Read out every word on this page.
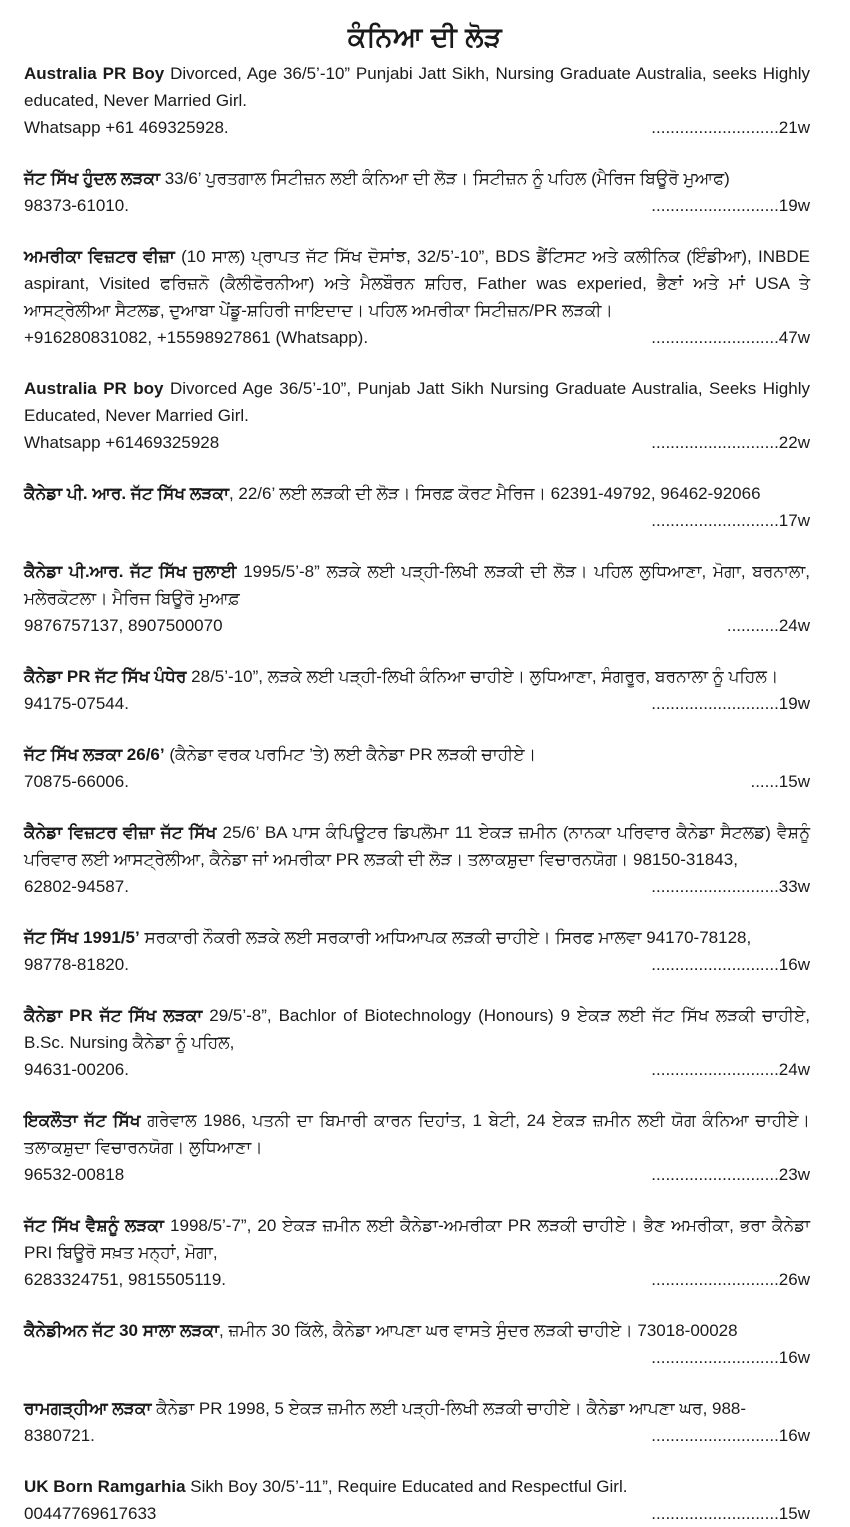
ਕੰਨਿਆ ਦੀ ਲੋੜ
Australia PR Boy Divorced, Age 36/5’-10” Punjabi Jatt Sikh, Nursing Graduate Australia, seeks Highly educated, Never Married Girl.
Whatsapp +61 469325928.	...........................21w
ਜੱਟ ਸਿੱਖ ਹੁੰਦਲ ਲੜਕਾ 33/6’ ਪੁਰਤਗਾਲ ਸਿਟੀਜ਼ਨ ਲਈ ਕੰਨਿਆ ਦੀ ਲੋੜ। ਸਿਟੀਜ਼ਨ ਨੂੰ ਪਹਿਲ (ਮੈਰਿਜ ਬਿਊਰੋ ਮੁਆਫ)
98373-61010.	...........................19w
ਅਮਰੀਕਾ ਵਿਜ਼ਟਰ ਵੀਜ਼ਾ (10 ਸਾਲ) ਪ੍ਰਾਪਤ ਜੱਟ ਸਿੱਖ ਦੋਸਾਂਝ, 32/5’-10”, BDS ਡੈਂਟਿਸਟ ਅਤੇ ਕਲੀਨਿਕ (ਇੰਡੀਆ), INBDE aspirant, Visited ਫਰਿਜ਼ਨੋ (ਕੈਲੀਫੋਰਨੀਆ) ਅਤੇ ਮੈਲਬੌਰਨ ਸ਼ਹਿਰ, Father was experied, ਭੈਣਾਂ ਅਤੇ ਮਾਂ USA ਤੇ ਆਸਟ੍ਰੇਲੀਆ ਸੈਟਲਡ, ਦੁਆਬਾ ਪੇਂਡੂ-ਸ਼ਹਿਰੀ ਜਾਇਦਾਦ। ਪਹਿਲ ਅਮਰੀਕਾ ਸਿਟੀਜ਼ਨ/PR ਲੜਕੀ।
+916280831082, +15598927861 (Whatsapp).	...........................47w
Australia PR boy Divorced Age 36/5’-10”, Punjab Jatt Sikh Nursing Graduate Australia, Seeks Highly Educated, Never Married Girl.
Whatsapp +61469325928	...........................22w
ਕੈਨੇਡਾ ਪੀ. ਆਰ. ਜੱਟ ਸਿੱਖ ਲੜਕਾ, 22/6’ ਲਈ ਲੜਕੀ ਦੀ ਲੋੜ। ਸਿਰਫ਼ ਕੋਰਟ ਮੈਰਿਜ। 62391-49792, 96462-92066
...........................17w
ਕੈਨੇਡਾ ਪੀ.ਆਰ. ਜੱਟ ਸਿੱਖ ਜੁਲਾਈ 1995/5’-8” ਲੜਕੇ ਲਈ ਪੜ੍ਹੀ-ਲਿਖੀ ਲੜਕੀ ਦੀ ਲੋੜ। ਪਹਿਲ ਲੁਧਿਆਣਾ, ਮੋਗਾ, ਬਰਨਾਲਾ, ਮਲੇਰਕੋਟਲਾ। ਮੈਰਿਜ ਬਿਊਰੋ ਮੁਆਫ਼
9876757137, 8907500070	...........24w
ਕੈਨੇਡਾ PR ਜੱਟ ਸਿੱਖ ਪੰਧੇਰ 28/5’-10”, ਲੜਕੇ ਲਈ ਪੜ੍ਹੀ-ਲਿਖੀ ਕੰਨਿਆ ਚਾਹੀਏ। ਲੁਧਿਆਣਾ, ਸੰਗਰੂਰ, ਬਰਨਾਲਾ ਨੂੰ ਪਹਿਲ।
94175-07544.	...........................19w
ਜੱਟ ਸਿੱਖ ਲੜਕਾ 26/6’ (ਕੈਨੇਡਾ ਵਰਕ ਪਰਮਿਟ ’ਤੇ) ਲਈ ਕੈਨੇਡਾ PR ਲੜਕੀ ਚਾਹੀਏ।
70875-66006.	......15w
ਕੈਨੇਡਾ ਵਿਜ਼ਟਰ ਵੀਜ਼ਾ ਜੱਟ ਸਿੱਖ 25/6’ BA ਪਾਸ ਕੰਪਿਊਟਰ ਡਿਪਲੋਮਾ 11 ਏਕੜ ਜ਼ਮੀਨ (ਨਾਨਕਾ ਪਰਿਵਾਰ ਕੈਨੇਡਾ ਸੈਟਲਡ) ਵੈਸ਼ਨੂੰ ਪਰਿਵਾਰ ਲਈ ਆਸਟ੍ਰੇਲੀਆ, ਕੈਨੇਡਾ ਜਾਂ ਅਮਰੀਕਾ PR ਲੜਕੀ ਦੀ ਲੋੜ। ਤਲਾਕਸ਼ੁਦਾ ਵਿਚਾਰਨਯੋਗ। 98150-31843,
62802-94587.	...........................33w
ਜੱਟ ਸਿੱਖ 1991/5’ ਸਰਕਾਰੀ ਨੌਕਰੀ ਲੜਕੇ ਲਈ ਸਰਕਾਰੀ ਅਧਿਆਪਕ ਲੜਕੀ ਚਾਹੀਏ। ਸਿਰਫ ਮਾਲਵਾ 94170-78128,
98778-81820.	...........................16w
ਕੈਨੇਡਾ PR ਜੱਟ ਸਿੱਖ ਲੜਕਾ 29/5’-8”, Bachlor of Biotechnology (Honours) 9 ਏਕੜ ਲਈ ਜੱਟ ਸਿੱਖ ਲੜਕੀ ਚਾਹੀਏ, B.Sc. Nursing ਕੈਨੇਡਾ ਨੂੰ ਪਹਿਲ,
94631-00206.	...........................24w
ਇਕਲੌਤਾ ਜੱਟ ਸਿੱਖ ਗਰੇਵਾਲ 1986, ਪਤਨੀ ਦਾ ਬਿਮਾਰੀ ਕਾਰਨ ਦਿਹਾਂਤ, 1 ਬੇਟੀ, 24 ਏਕੜ ਜ਼ਮੀਨ ਲਈ ਯੋਗ ਕੰਨਿਆ ਚਾਹੀਏ। ਤਲਾਕਸ਼ੁਦਾ ਵਿਚਾਰਨਯੋਗ। ਲੁਧਿਆਣਾ।
96532-00818	...........................23w
ਜੱਟ ਸਿੱਖ ਵੈਸ਼ਨੂੰ ਲੜਕਾ 1998/5’-7”, 20 ਏਕੜ ਜ਼ਮੀਨ ਲਈ ਕੈਨੇਡਾ-ਅਮਰੀਕਾ PR ਲੜਕੀ ਚਾਹੀਏ। ਭੈਣ ਅਮਰੀਕਾ, ਭਰਾ ਕੈਨੇਡਾ PRI ਬਿਊਰੋ ਸਖ਼ਤ ਮਨ੍ਹਾਂ, ਮੋਗਾ,
6283324751, 9815505119.	...........................26w
ਕੈਨੇਡੀਅਨ ਜੱਟ 30 ਸਾਲਾ ਲੜਕਾ, ਜ਼ਮੀਨ 30 ਕਿੱਲੇ, ਕੈਨੇਡਾ ਆਪਣਾ ਘਰ ਵਾਸਤੇ ਸੁੰਦਰ ਲੜਕੀ ਚਾਹੀਏ। 73018-00028
...........................16w
ਰਾਮਗੜ੍ਹੀਆ ਲੜਕਾ ਕੈਨੇਡਾ PR 1998, 5 ਏਕੜ ਜ਼ਮੀਨ ਲਈ ਪੜ੍ਹੀ-ਲਿਖੀ ਲੜਕੀ ਚਾਹੀਏ। ਕੈਨੇਡਾ ਆਪਣਾ ਘਰ, 988-
8380721.	...........................16w
UK Born Ramgarhia Sikh Boy 30/5’-11”, Require Educated and Respectful Girl.
00447769617633	...........................15w
